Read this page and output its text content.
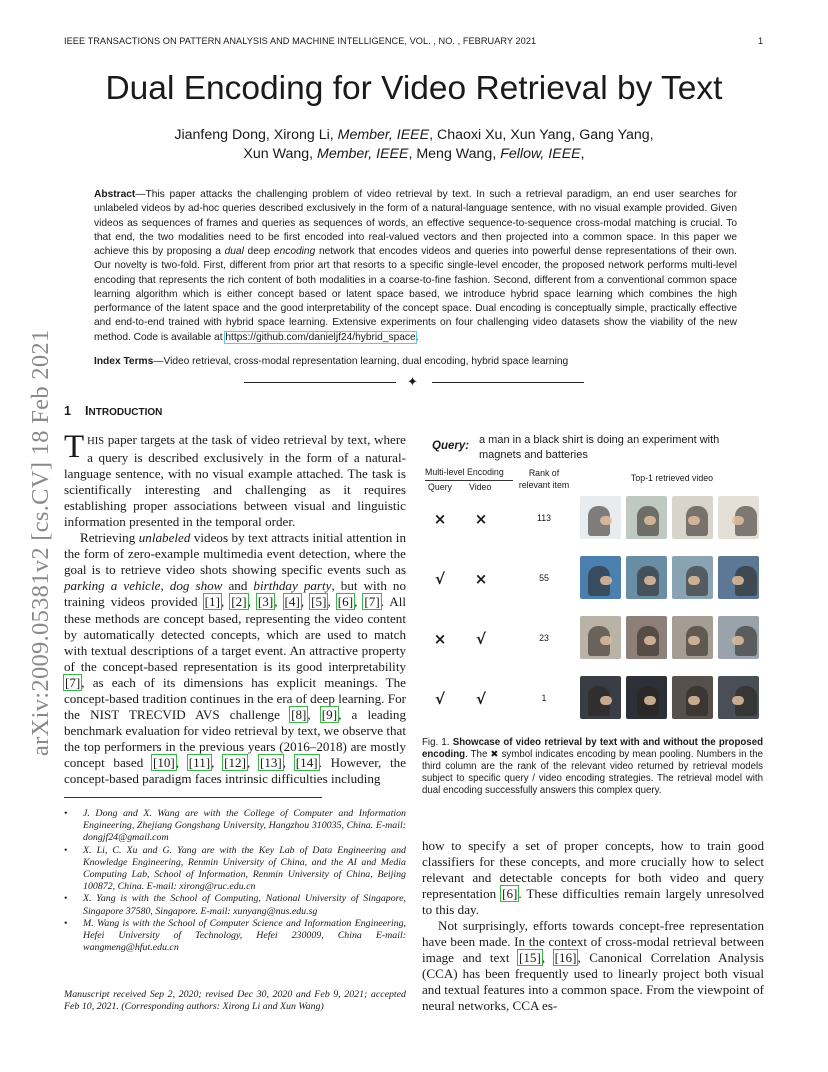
IEEE TRANSACTIONS ON PATTERN ANALYSIS AND MACHINE INTELLIGENCE, VOL. , NO. , FEBRUARY 2021	1
arXiv:2009.05381v2 [cs.CV] 18 Feb 2021
Dual Encoding for Video Retrieval by Text
Jianfeng Dong, Xirong Li, Member, IEEE, Chaoxi Xu, Xun Yang, Gang Yang,
Xun Wang, Member, IEEE, Meng Wang, Fellow, IEEE,
Abstract—This paper attacks the challenging problem of video retrieval by text. In such a retrieval paradigm, an end user searches for unlabeled videos by ad-hoc queries described exclusively in the form of a natural-language sentence, with no visual example provided. Given videos as sequences of frames and queries as sequences of words, an effective sequence-to-sequence cross-modal matching is crucial. To that end, the two modalities need to be first encoded into real-valued vectors and then projected into a common space. In this paper we achieve this by proposing a dual deep encoding network that encodes videos and queries into powerful dense representations of their own. Our novelty is two-fold. First, different from prior art that resorts to a specific single-level encoder, the proposed network performs multi-level encoding that represents the rich content of both modalities in a coarse-to-fine fashion. Second, different from a conventional common space learning algorithm which is either concept based or latent space based, we introduce hybrid space learning which combines the high performance of the latent space and the good interpretability of the concept space. Dual encoding is conceptually simple, practically effective and end-to-end trained with hybrid space learning. Extensive experiments on four challenging video datasets show the viability of the new method. Code is available at https://github.com/danieljf24/hybrid_space.
Index Terms—Video retrieval, cross-modal representation learning, dual encoding, hybrid space learning
✦
1 INTRODUCTION

THIS paper targets at the task of video retrieval by text, where a query is described exclusively in the form of a natural-language sentence, with no visual example attached. The task is scientifically interesting and challenging as it requires establishing proper associations between visual and linguistic information presented in the temporal order.

Retrieving unlabeled videos by text attracts initial attention in the form of zero-example multimedia event detection, where the goal is to retrieve video shots showing specific events such as parking a vehicle, dog show and birthday party, but with no training videos provided [1], [2], [3], [4], [5], [6], [7]. All these methods are concept based, representing the video content by automatically detected concepts, which are used to match with textual descriptions of a target event. An attractive property of the concept-based representation is its good interpretability [7], as each of its dimensions has explicit meanings. The concept-based tradition continues in the era of deep learning. For the NIST TRECVID AVS challenge [8], [9], a leading benchmark evaluation for video retrieval by text, we observe that the top performers in the previous years (2016–2018) are mostly concept based [10], [11], [12], [13], [14]. However, the concept-based paradigm faces intrinsic difficulties including

• J. Dong and X. Wang are with the College of Computer and Information Engineering, Zhejiang Gongshang University, Hangzhou 310035, China. E-mail: dongjf24@gmail.com
• X. Li, C. Xu and G. Yang are with the Key Lab of Data Engineering and Knowledge Engineering, Renmin University of China, and the AI and Media Computing Lab, School of Information, Renmin University of China, Beijing 100872, China. E-mail: xirong@ruc.edu.cn
• X. Yang is with the School of Computing, National University of Singapore, Singapore 37580, Singapore. E-mail: xunyang@nus.edu.sg
• M. Wang is with the School of Computer Science and Information Engineering, Hefei University of Technology, Hefei 230009, China E-mail: wangmeng@hfut.edu.cn
Manuscript received Sep 2, 2020; revised Dec 30, 2020 and Feb 9, 2021; accepted Feb 10, 2021. (Corresponding authors: Xirong Li and Xun Wang)
Query: a man in a black shirt is doing an experiment with magnets and batteries
Multi-level Encoding
Query Video
Rank of relevant item
Top-1 retrieved video
× ×	113
√	×	55
×	√	23
√	√	1
Fig. 1. Showcase of video retrieval by text with and without the proposed encoding. The ✖ symbol indicates encoding by mean pooling. Numbers in the third column are the rank of the relevant video returned by retrieval models subject to specific query / video encoding strategies. The retrieval model with dual encoding successfully answers this complex query.

how to specify a set of proper concepts, how to train good classifiers for these concepts, and more crucially how to select relevant and detectable concepts for both video and query representation [6]. These difficulties remain largely unresolved to this day.

Not surprisingly, efforts towards concept-free representation have been made. In the context of cross-modal retrieval between image and text [15], [16], Canonical Correlation Analysis (CCA) has been frequently used to linearly project both visual and textual features into a common space. From the viewpoint of neural networks, CCA es-
